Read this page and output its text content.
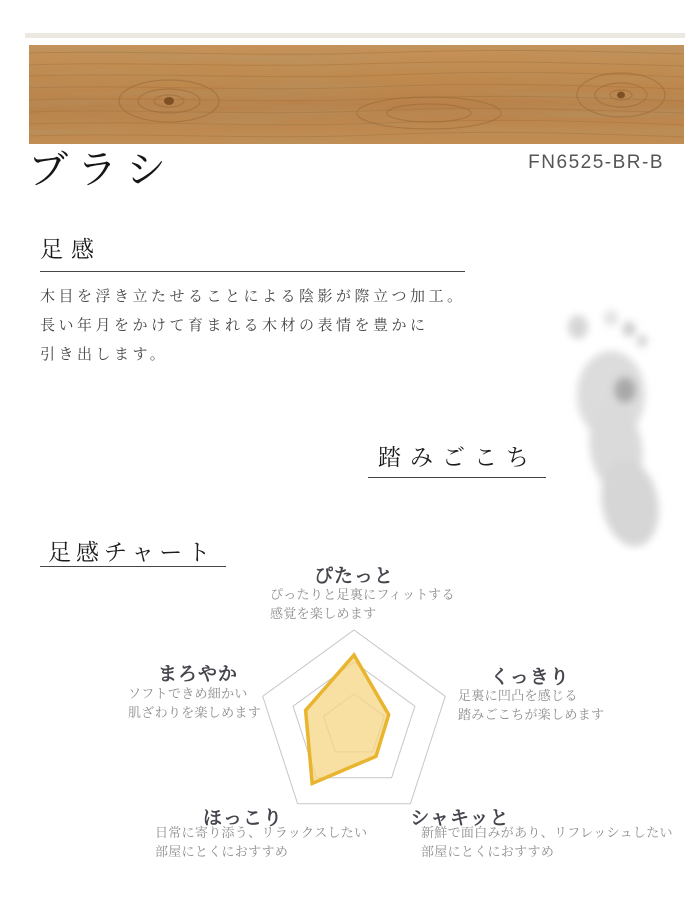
ブラシ	FN6525-BR-B
足感
木目を浮き立たせることによる陰影が際立つ加工。
長い年月をかけて育まれる木材の表情を豊かに
引き出します。
踏みごこち
足感チャート
ぴたっと
ぴったりと足裏にフィットする
感覚を楽しめます
くっきり
足裏に凹凸を感じる
踏みごこちが楽しめます
シャキッと
新鮮で面白みがあり、リフレッシュしたい
部屋にとくにおすすめ
ほっこり
日常に寄り添う、リラックスしたい
部屋にとくにおすすめ
まろやか
ソフトできめ細かい
肌ざわりを楽しめます
